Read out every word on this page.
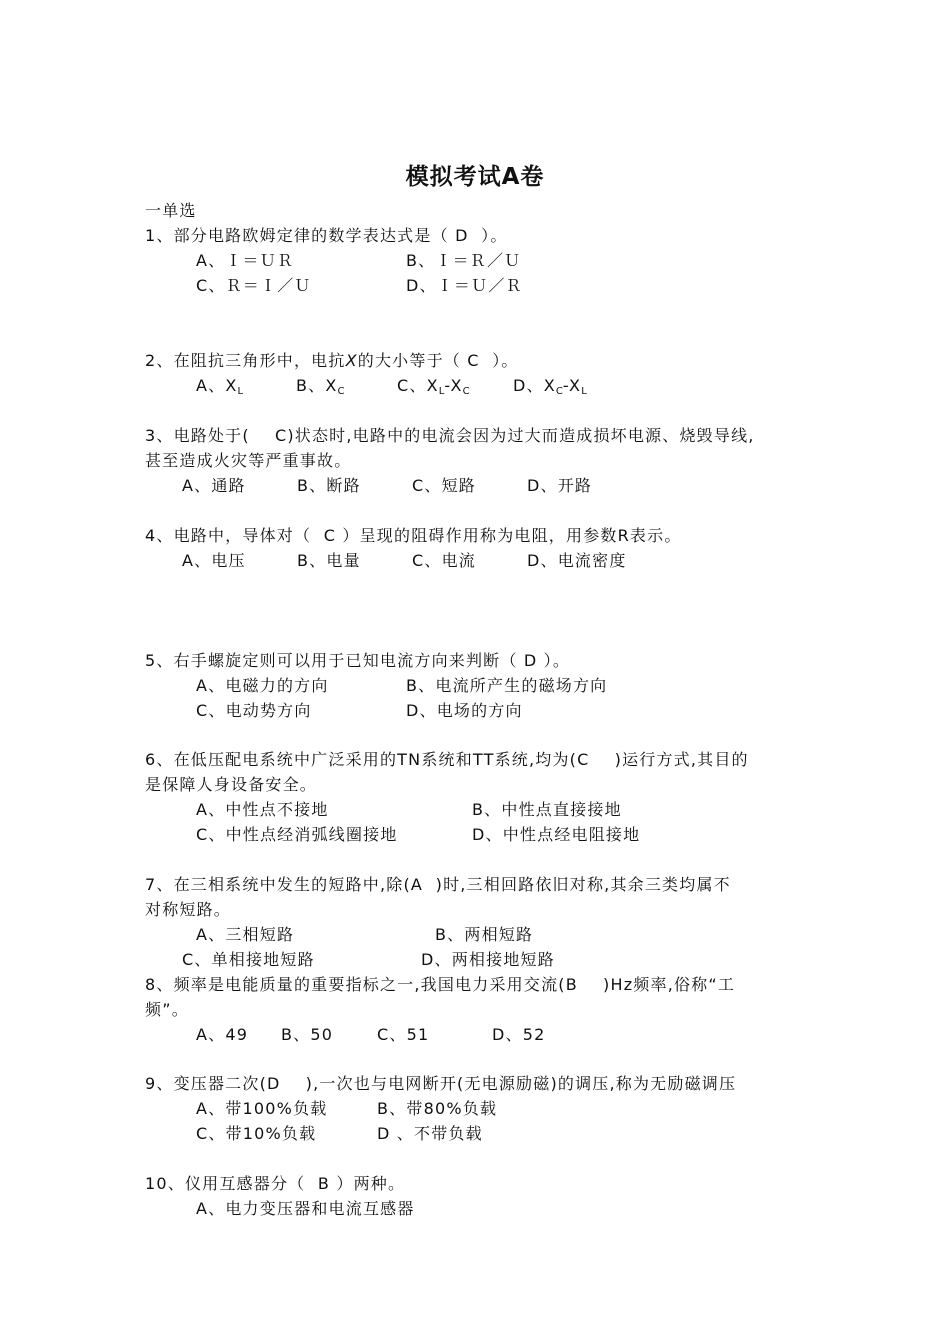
模拟考试A卷
一单选
1、部分电路欧姆定律的数学表达式是（ D  ）。
A、Ｉ＝ＵＲ	B、Ｉ＝Ｒ／Ｕ
C、Ｒ＝Ｉ／Ｕ	D、Ｉ＝Ｕ／Ｒ
2、在阻抗三角形中，电抗X的大小等于（ C  ）。
A、$X_L$	B、$X_C$	C、$X_L-X_C$	D、$X_C-X_L$
3、电路处于(    C)状态时,电路中的电流会因为过大而造成损坏电源、烧毁导线,
甚至造成火灾等严重事故。
A、通路	B、断路	C、短路	D、开路
4、电路中，导体对（  C ）呈现的阻碍作用称为电阻，用参数R表示。
A、电压	B、电量	C、电流	D、电流密度
5、右手螺旋定则可以用于已知电流方向来判断（ D ）。
A、电磁力的方向	B、电流所产生的磁场方向
C、电动势方向	D、电场的方向
6、在低压配电系统中广泛采用的TN系统和TT系统,均为(C    )运行方式,其目的
是保障人身设备安全。
A、中性点不接地	B、中性点直接接地
C、中性点经消弧线圈接地	D、中性点经电阻接地
7、在三相系统中发生的短路中,除(A  )时,三相回路依旧对称,其余三类均属不
对称短路。
A、三相短路	B、两相短路
C、单相接地短路	D、两相接地短路
8、频率是电能质量的重要指标之一,我国电力采用交流(B    )Hz频率,俗称“工
频”。
A、49 B、50	C、51	D、52
9、变压器二次(D    ),一次也与电网断开(无电源励磁)的调压,称为无励磁调压
A、带100%负载	B、带80%负载
C、带10%负载	D 、不带负载
10、仪用互感器分（  B ）两种。
A、电力变压器和电流互感器
